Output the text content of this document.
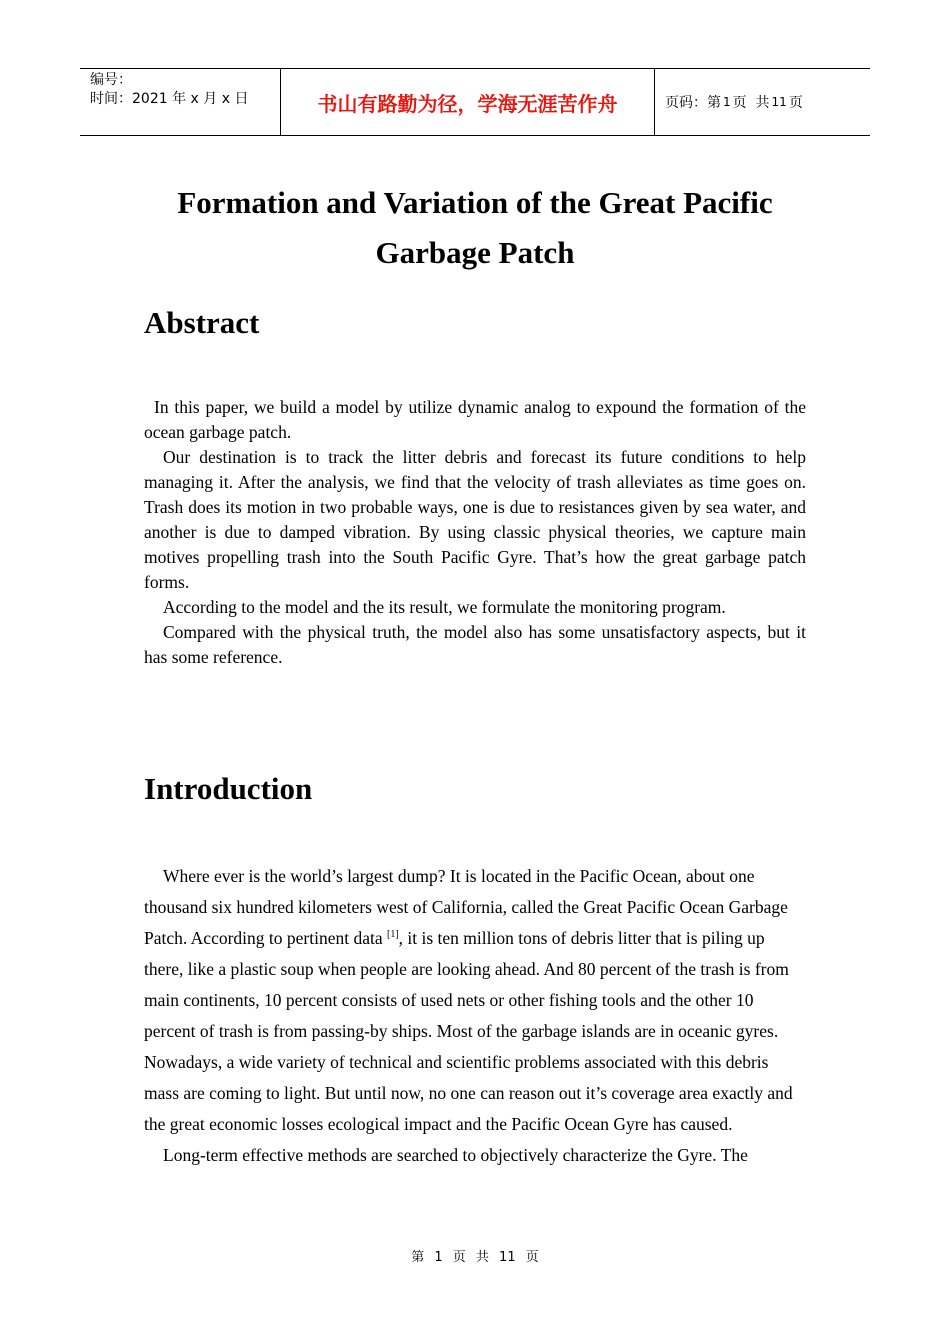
编号：
时间：2021 年 x 月 x 日	书山有路勤为径，学海无涯苦作舟	页码：第 1 页  共 11 页
Formation and Variation of the Great Pacific
Garbage Patch
Abstract

In this paper, we build a model by utilize dynamic analog to expound the formation of the ocean garbage patch.

Our destination is to track the litter debris and forecast its future conditions to help managing it. After the analysis, we find that the velocity of trash alleviates as time goes on. Trash does its motion in two probable ways, one is due to resistances given by sea water, and another is due to damped vibration. By using classic physical theories, we capture main motives propelling trash into the South Pacific Gyre. That’s how the great garbage patch forms.

According to the model and the its result, we formulate the monitoring program.

Compared with the physical truth, the model also has some unsatisfactory aspects, but it has some reference.

Introduction

Where ever is the world’s largest dump? It is located in the Pacific Ocean, about one thousand six hundred kilometers west of California, called the Great Pacific Ocean Garbage Patch. According to pertinent data [1], it is ten million tons of debris litter that is piling up there, like a plastic soup when people are looking ahead. And 80 percent of the trash is from main continents, 10 percent consists of used nets or other fishing tools and the other 10 percent of trash is from passing-by ships. Most of the garbage islands are in oceanic gyres. Nowadays, a wide variety of technical and scientific problems associated with this debris mass are coming to light. But until now, no one can reason out it’s coverage area exactly and the great economic losses ecological impact and the Pacific Ocean Gyre has caused.

Long-term effective methods are searched to objectively characterize the Gyre. The

第 1 页 共 11 页
